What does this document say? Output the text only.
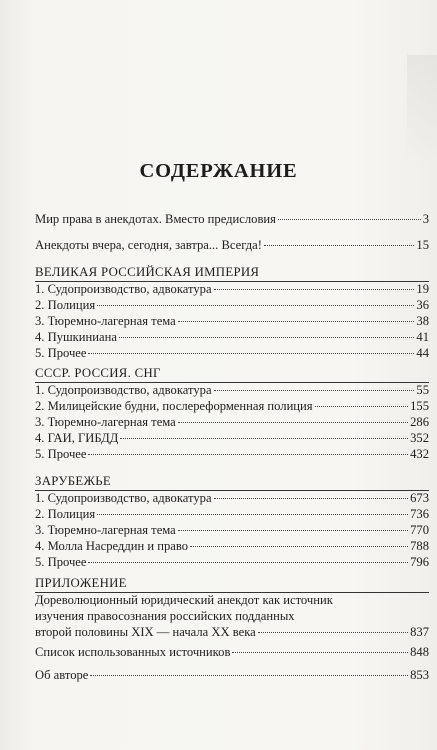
СОДЕРЖАНИЕ
Мир права в анекдотах. Вместо предисловия	3
Анекдоты вчера, сегодня, завтра... Всегда!	15
ВЕЛИКАЯ РОССИЙСКАЯ ИМПЕРИЯ
1. Судопроизводство, адвокатура	19
2. Полиция	36
3. Тюремно-лагерная тема	38
4. Пушкиниана	41
5. Прочее	44
СССР. РОССИЯ. СНГ
1. Судопроизводство, адвокатура	55
2. Милицейские будни, послереформенная полиция	155
3. Тюремно-лагерная тема	286
4. ГАИ, ГИБДД	352
5. Прочее	432
ЗАРУБЕЖЬЕ
1. Судопроизводство, адвокатура	673
2. Полиция	736
3. Тюремно-лагерная тема	770
4. Молла Насреддин и право	788
5. Прочее	796
ПРИЛОЖЕНИЕ
Дореволюционный юридический анекдот как источник
изучения правосознания российских подданных
второй половины XIX — начала XX века	837
Список использованных источников	848
Об авторе	853
